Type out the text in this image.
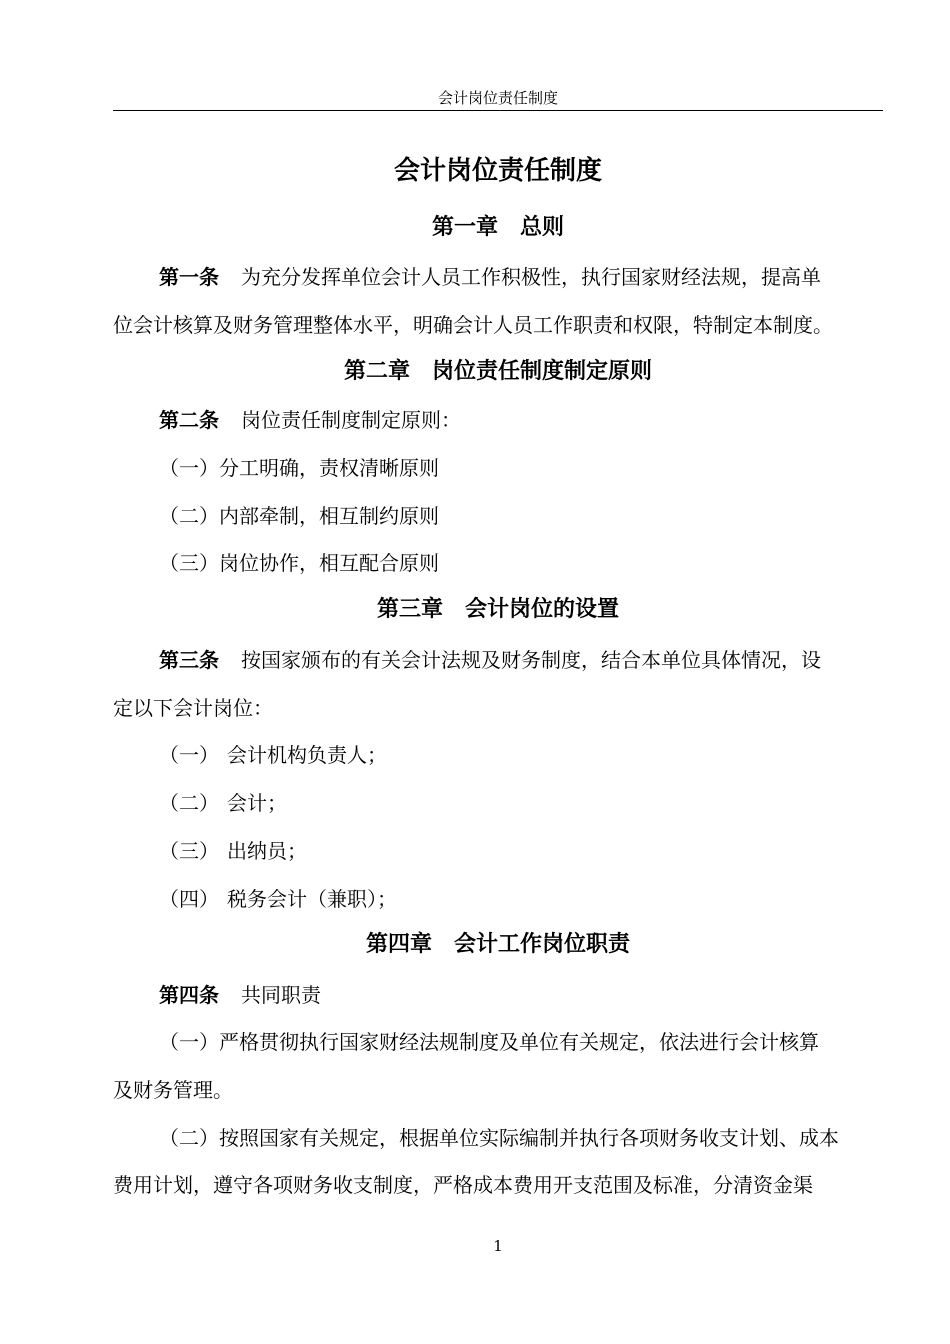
会计岗位责任制度
会计岗位责任制度
第一章　总则
第一条 为充分发挥单位会计人员工作积极性，执行国家财经法规，提高单
位会计核算及财务管理整体水平，明确会计人员工作职责和权限，特制定本制度。
第二章　岗位责任制度制定原则
第二条 岗位责任制度制定原则：
（一）分工明确，责权清晰原则
（二）内部牵制，相互制约原则
（三）岗位协作，相互配合原则
第三章　会计岗位的设置
第三条 按国家颁布的有关会计法规及财务制度，结合本单位具体情况，设
定以下会计岗位：
（一） 会计机构负责人；
（二） 会计；
（三） 出纳员；
（四） 税务会计（兼职）；
第四章　会计工作岗位职责
第四条 共同职责
（一）严格贯彻执行国家财经法规制度及单位有关规定，依法进行会计核算
及财务管理。
（二）按照国家有关规定，根据单位实际编制并执行各项财务收支计划、成本
费用计划，遵守各项财务收支制度，严格成本费用开支范围及标准，分清资金渠
1
